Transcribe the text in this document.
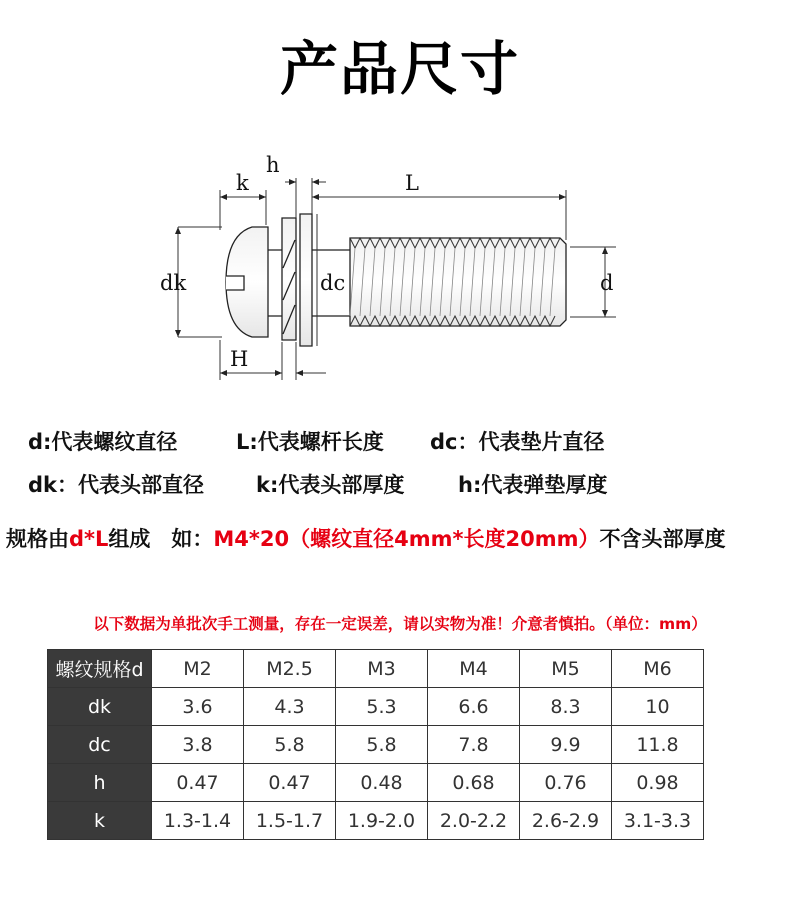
产品尺寸
k
h
L
dk	dc	d
H
d:代表螺纹直径	L:代表螺杆长度 dc：代表垫片直径
dk：代表头部直径 k:代表头部厚度	h:代表弹垫厚度
规格由d*L组成　如：M4*20（螺纹直径4mm*长度20mm）不含头部厚度
以下数据为单批次手工测量，存在一定误差，请以实物为准！介意者慎拍。（单位：mm）
螺纹规格d	M2	M2.5	M3	M4	M5	M6
dk	3.6	4.3	5.3	6.6	8.3	10
dc	3.8	5.8	5.8	7.8	9.9	11.8
h	0.47	0.47	0.48	0.68	0.76	0.98
k	1.3-1.4	1.5-1.7	1.9-2.0	2.0-2.2	2.6-2.9	3.1-3.3
